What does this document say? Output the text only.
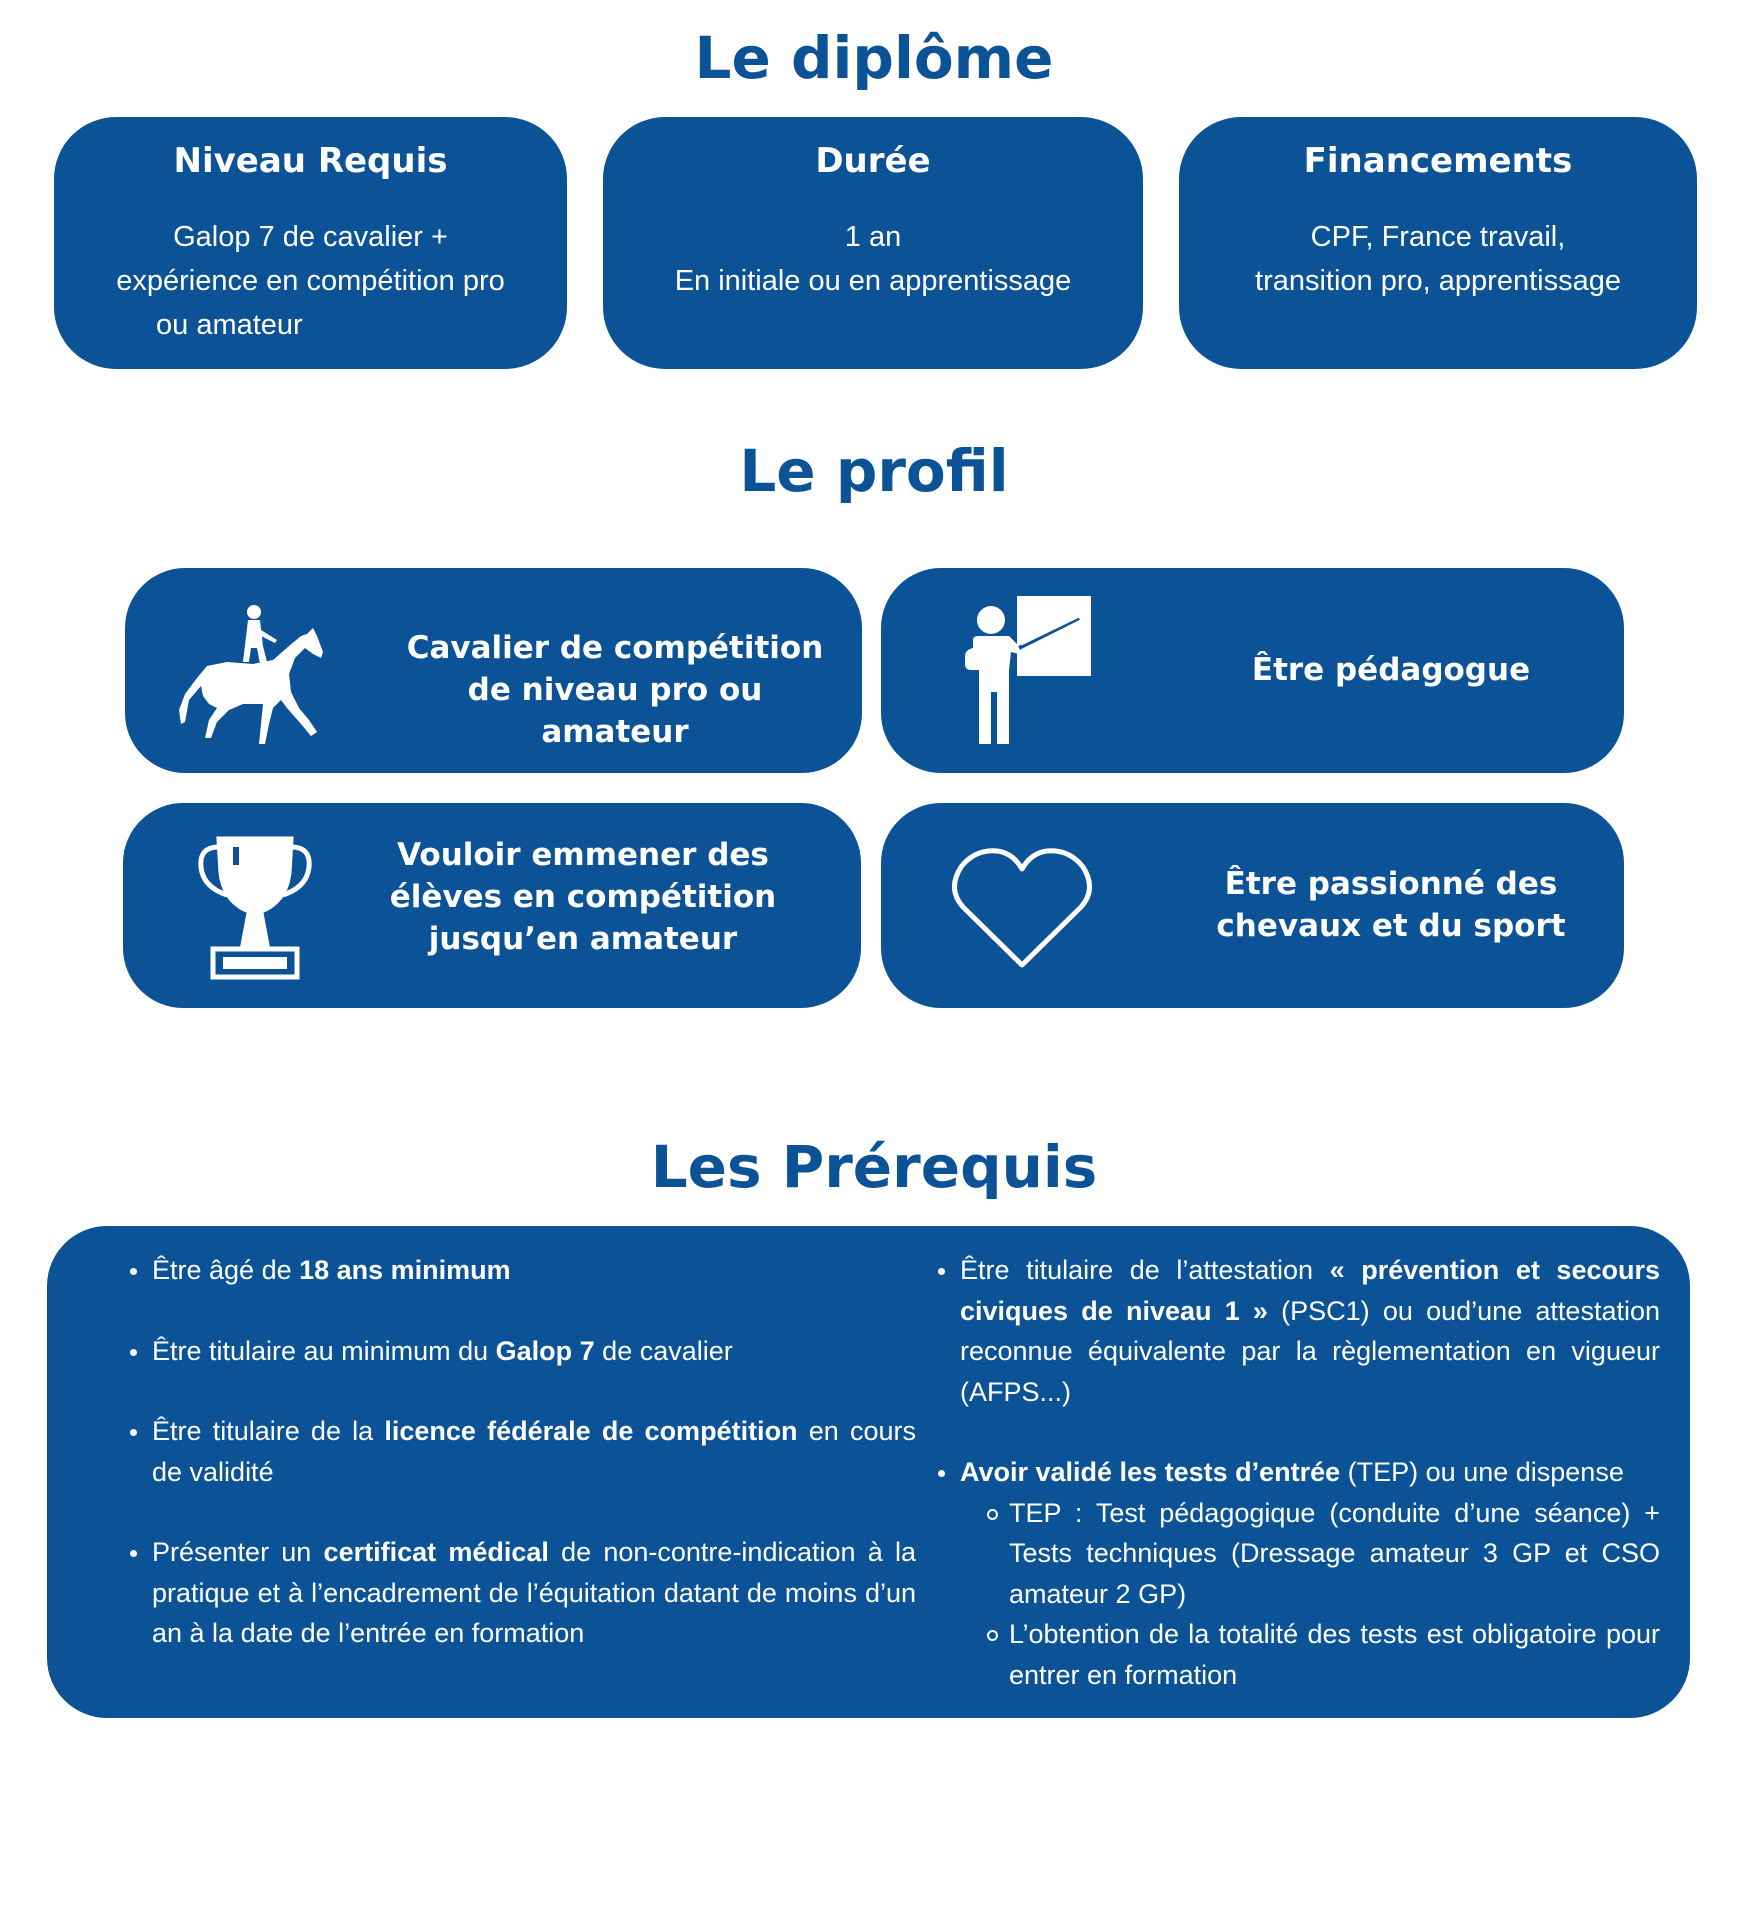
Le diplôme
Niveau Requis
Galop 7 de cavalier +
expérience en compétition pro
ou amateur
Durée
1 an
En initiale ou en apprentissage
Financements
CPF, France travail,
transition pro, apprentissage
Le profil
Cavalier de compétition
de niveau pro ou amateur
Être pédagogue
Vouloir emmener des
élèves en compétition
jusqu’en amateur
Être passionné des
chevaux et du sport
Les Prérequis
Être âgé de 18 ans minimum
Être titulaire au minimum du Galop 7 de cavalier
Être titulaire de la licence fédérale de compétition en cours de validité
Présenter un certificat médical de non-contre-indication à la pratique et à l’encadrement de l’équitation datant de moins d’un an à la date de l’entrée en formation
Être titulaire de l’attestation « prévention et secours civiques de niveau 1 » (PSC1) ou oud’une attestation reconnue équivalente par la règlementation en vigueur (AFPS...)
Avoir validé les tests d’entrée (TEP) ou une dispense
TEP : Test pédagogique (conduite d’une séance) + Tests techniques (Dressage amateur 3 GP et CSO amateur 2 GP)
L’obtention de la totalité des tests est obligatoire pour entrer en formation
